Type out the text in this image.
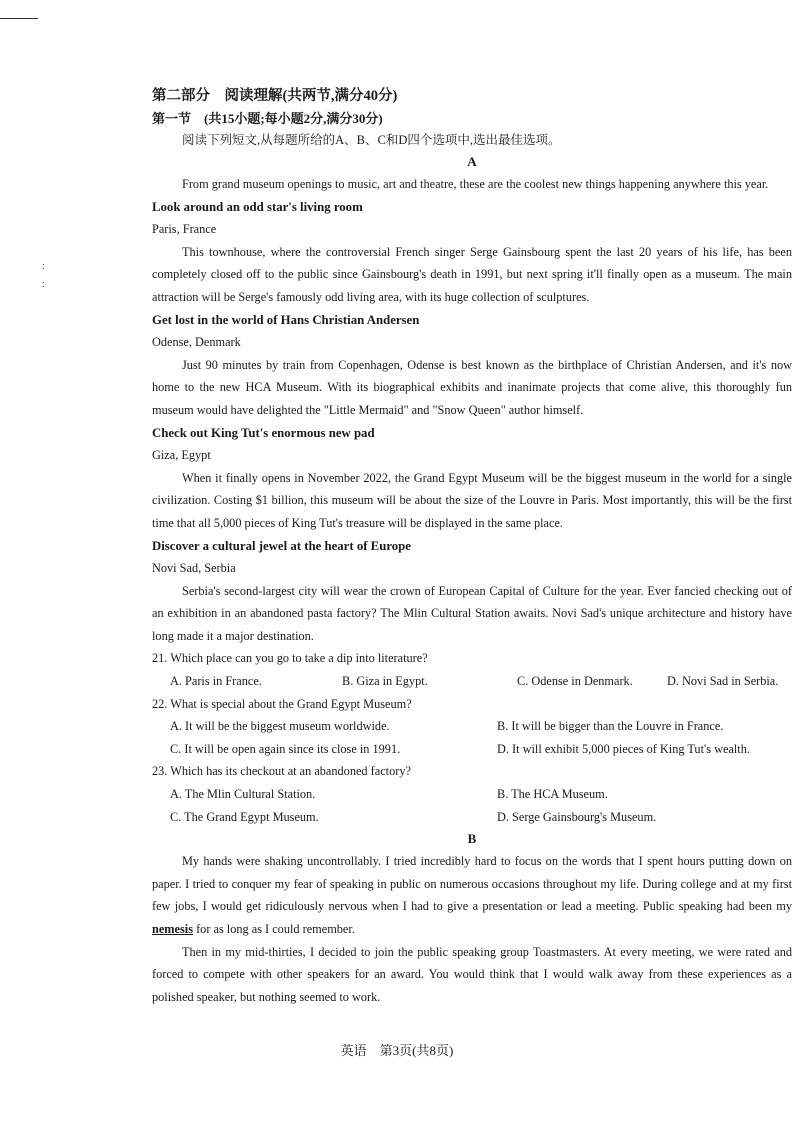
:
:
第二部分　阅读理解(共两节,满分40分)
第一节　(共15小题;每小题2分,满分30分)
阅读下列短文,从每题所给的A、B、C和D四个选项中,选出最佳选项。
A
From grand museum openings to music, art and theatre, these are the coolest new things happening anywhere this year.
Look around an odd star's living room
Paris, France
This townhouse, where the controversial French singer Serge Gainsbourg spent the last 20 years of his life, has been completely closed off to the public since Gainsbourg's death in 1991, but next spring it'll finally open as a museum. The main attraction will be Serge's famously odd living area, with its huge collection of sculptures.
Get lost in the world of Hans Christian Andersen
Odense, Denmark
Just 90 minutes by train from Copenhagen, Odense is best known as the birthplace of Christian Andersen, and it's now home to the new HCA Museum. With its biographical exhibits and inanimate projects that come alive, this thoroughly fun museum would have delighted the "Little Mermaid" and "Snow Queen" author himself.
Check out King Tut's enormous new pad
Giza, Egypt
When it finally opens in November 2022, the Grand Egypt Museum will be the biggest museum in the world for a single civilization. Costing $1 billion, this museum will be about the size of the Louvre in Paris. Most importantly, this will be the first time that all 5,000 pieces of King Tut's treasure will be displayed in the same place.
Discover a cultural jewel at the heart of Europe
Novi Sad, Serbia
Serbia's second-largest city will wear the crown of European Capital of Culture for the year. Ever fancied checking out of an exhibition in an abandoned pasta factory? The Mlin Cultural Station awaits. Novi Sad's unique architecture and history have long made it a major destination.
21. Which place can you go to take a dip into literature?
A. Paris in France.	B. Giza in Egypt.	C. Odense in Denmark.	D. Novi Sad in Serbia.
22. What is special about the Grand Egypt Museum?
A. It will be the biggest museum worldwide.	B. It will be bigger than the Louvre in France.
C. It will be open again since its close in 1991.	D. It will exhibit 5,000 pieces of King Tut's wealth.
23. Which has its checkout at an abandoned factory?
A. The Mlin Cultural Station.	B. The HCA Museum.
C. The Grand Egypt Museum.	D. Serge Gainsbourg's Museum.
B
My hands were shaking uncontrollably. I tried incredibly hard to focus on the words that I spent hours putting down on paper. I tried to conquer my fear of speaking in public on numerous occasions throughout my life. During college and at my first few jobs, I would get ridiculously nervous when I had to give a presentation or lead a meeting. Public speaking had been my nemesis for as long as I could remember.
Then in my mid-thirties, I decided to join the public speaking group Toastmasters. At every meeting, we were rated and forced to compete with other speakers for an award. You would think that I would walk away from these experiences as a polished speaker, but nothing seemed to work.
英语　第3页(共8页)
